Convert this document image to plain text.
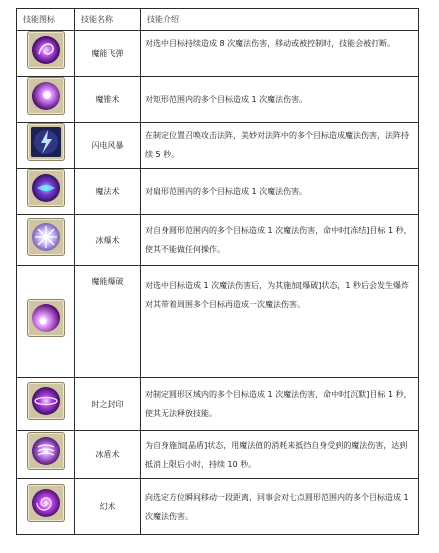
技能图标	技能名称	技能介绍

	魔能飞弹	对选中目标持续造成 8 次魔法伤害，移动或被控制时，技能会被打断。

	魔锥术	对矩形范围内的多个目标造成 1 次魔法伤害。

	闪电风暴	在制定位置召唤攻击法阵，美妙对法阵中的多个目标造成魔法伤害，法阵持续 5 秒。

	魔法术	对扇形范围内的多个目标造成 1 次魔法伤害。

	冰爆术	对自身圆形范围内的多个目标造成 1 次魔法伤害，命中时[冻结]目标 1 秒，使其不能做任何操作。

	魔能爆破	对选中目标造成 1 次魔法伤害后，为其施加[爆破]状态，1 秒后会发生爆炸对其带着周围多个目标再造成一次魔法伤害。

	时之封印	对制定圆形区域内的多个目标造成 1 次魔法伤害，命中时[沉默]目标 1 秒，使其无法释放技能。

	冰盾术	为自身施加[晶盾]状态，用魔法值的消耗来抵挡自身受到的魔法伤害，达到抵消上限后小时，持续 10 秒。

	幻术	向选定方位瞬间移动一段距离，同事会对七点圆形范围内的多个目标造成 1 次魔法伤害。
